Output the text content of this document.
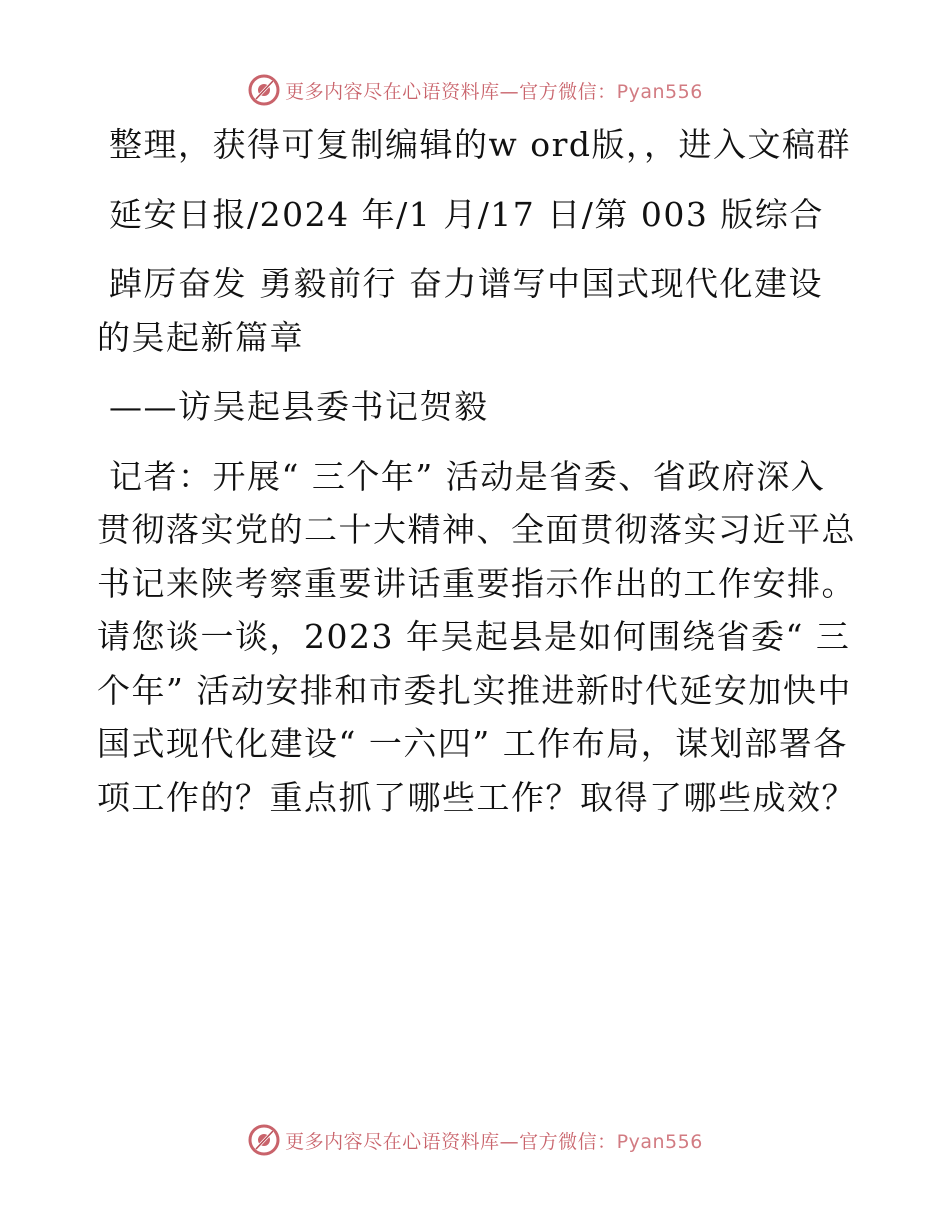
更多内容尽在心语资料库—官方微信：Pyan556

整理，获得可复制编辑的w ord版，，进入文稿群

延安日报/2024 年/1 月/17 日/第 003 版综合

踔厉奋发 勇毅前行 奋力谱写中国式现代化建设的吴起新篇章

——访吴起县委书记贺毅

记者：开展“ 三个年” 活动是省委、省政府深入贯彻落实党的二十大精神、全面贯彻落实习近平总书记来陕考察重要讲话重要指示作出的工作安排。请您谈一谈，2023 年吴起县是如何围绕省委“ 三个年” 活动安排和市委扎实推进新时代延安加快中国式现代化建设“ 一六四” 工作布局，谋划部署各项工作的？重点抓了哪些工作？取得了哪些成效？

更多内容尽在心语资料库—官方微信：Pyan556
